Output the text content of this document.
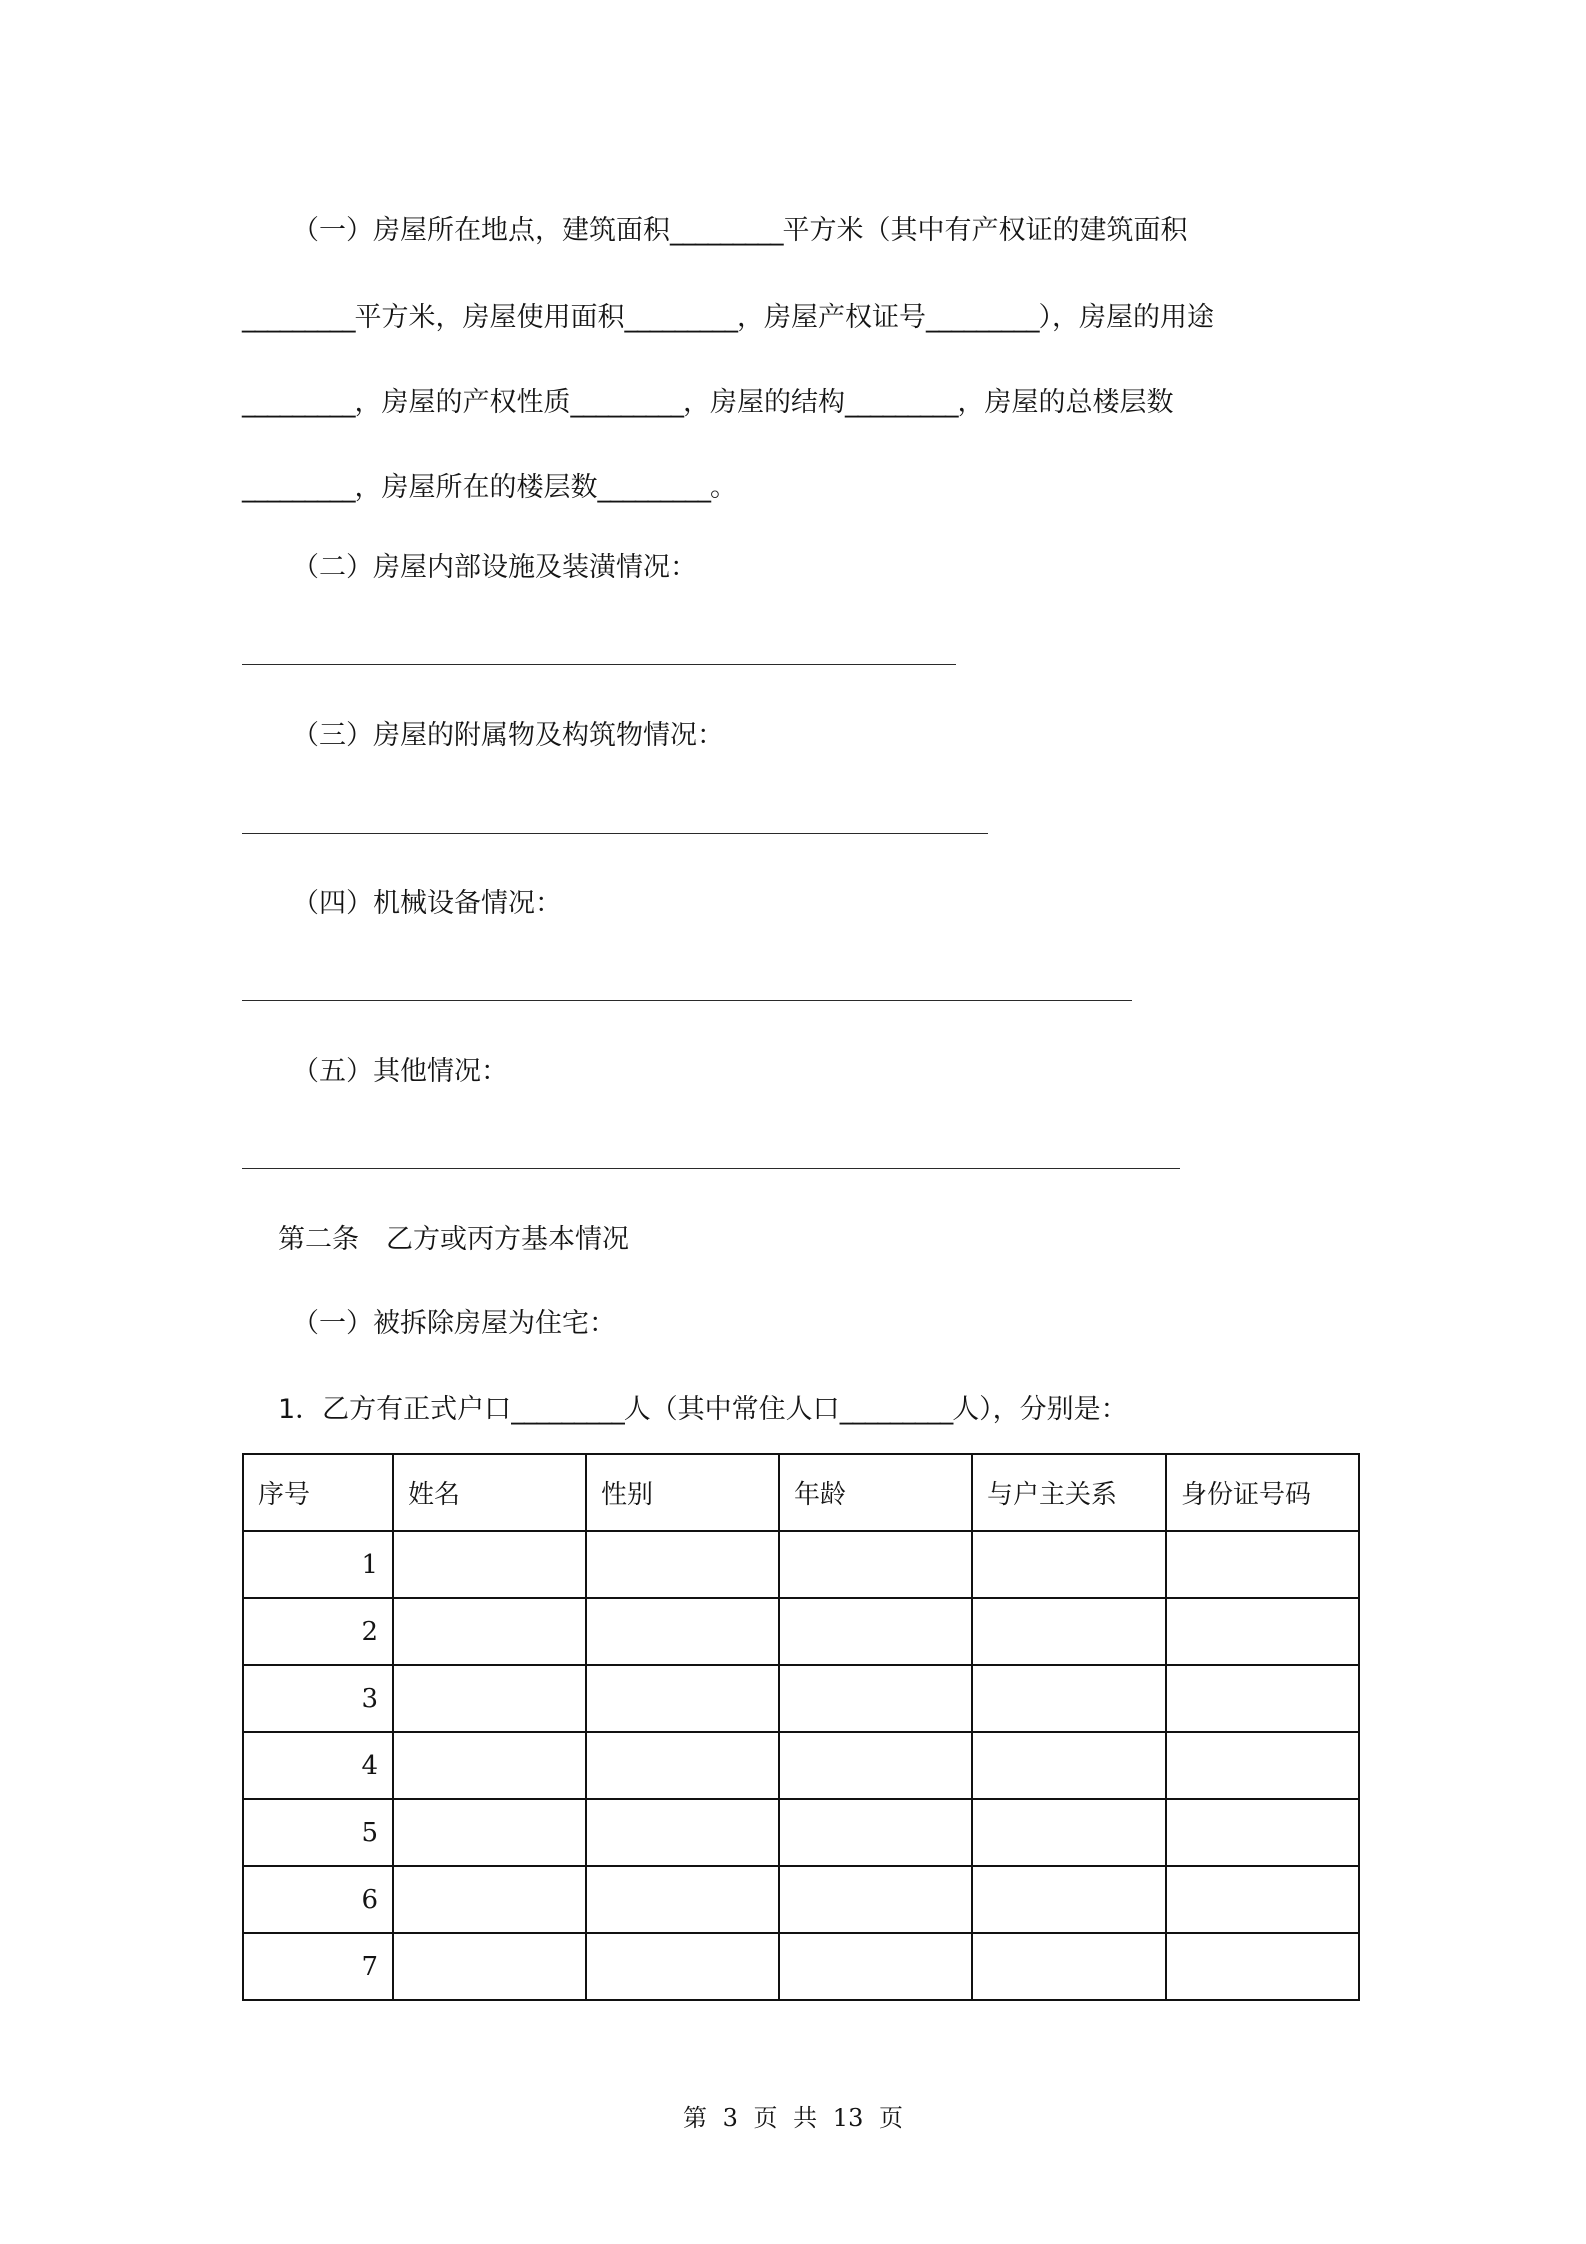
（一）房屋所在地点，建筑面积_________平方米（其中有产权证的建筑面积

_________平方米，房屋使用面积_________，房屋产权证号_________），房屋的用途

_________，房屋的产权性质_________，房屋的结构_________，房屋的总楼层数

_________，房屋所在的楼层数_________。

（二）房屋内部设施及装潢情况：

（三）房屋的附属物及构筑物情况：

（四）机械设备情况：

（五）其他情况：

第二条　乙方或丙方基本情况

（一）被拆除房屋为住宅：

1．乙方有正式户口_________人（其中常住人口_________人），分别是：

序号	姓名	性别	年龄	与户主关系	身份证号码
1					
2					
3					
4					
5					
6					
7					
第 3 页 共 13 页
